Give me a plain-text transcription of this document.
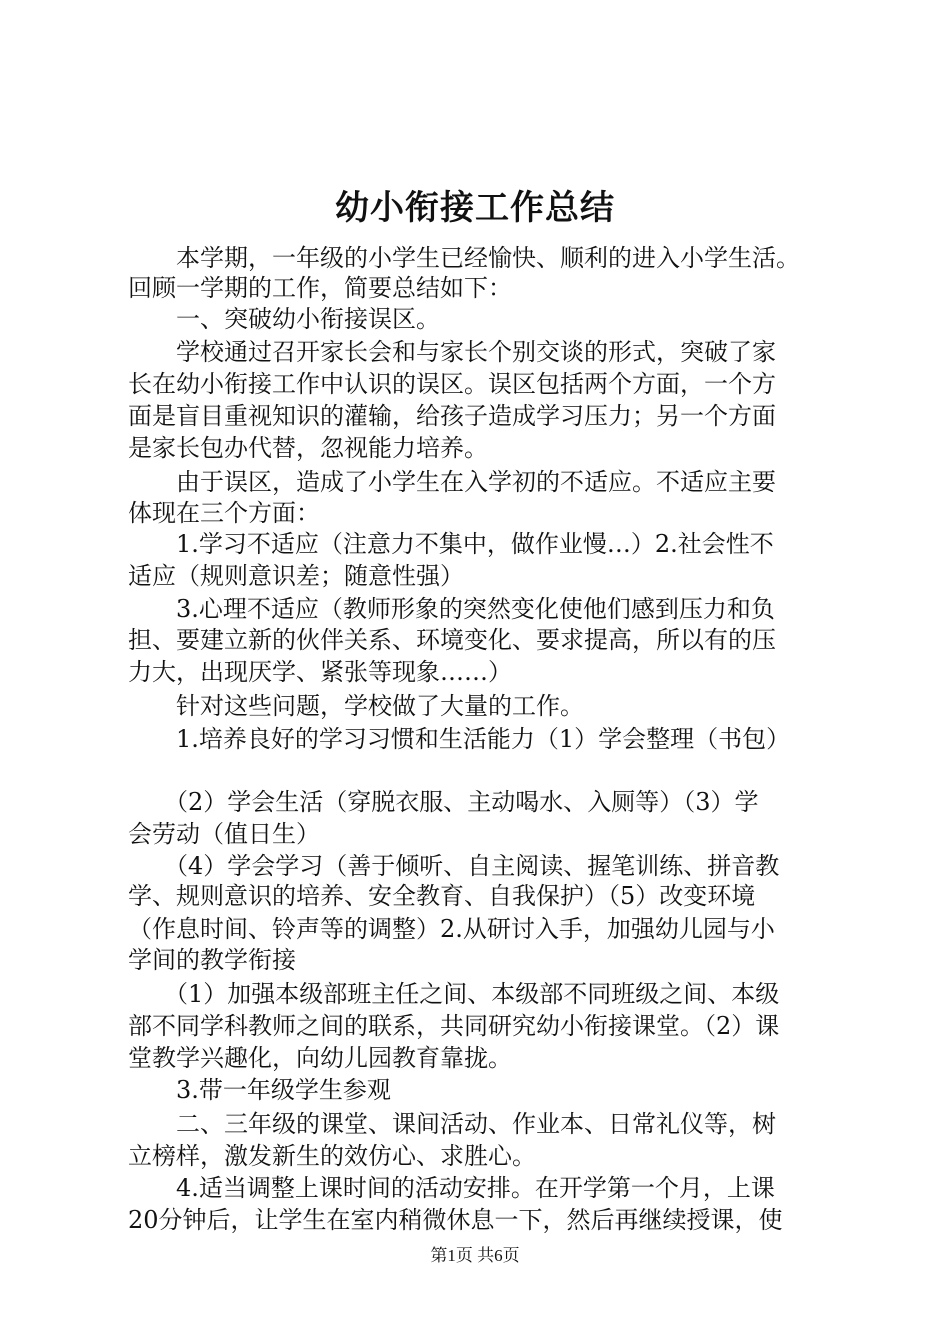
幼小衔接工作总结
　　本学期，一年级的小学生已经愉快、顺利的进入小学生活。
回顾一学期的工作，简要总结如下：
　　一、突破幼小衔接误区。
　　学校通过召开家长会和与家长个别交谈的形式，突破了家
长在幼小衔接工作中认识的误区。误区包括两个方面，一个方
面是盲目重视知识的灌输，给孩子造成学习压力；另一个方面
是家长包办代替，忽视能力培养。
　　由于误区，造成了小学生在入学初的不适应。不适应主要
体现在三个方面：
　　1.学习不适应（注意力不集中，做作业慢…）2.社会性不
适应（规则意识差；随意性强）
　　3.心理不适应（教师形象的突然变化使他们感到压力和负
担、要建立新的伙伴关系、环境变化、要求提高，所以有的压
力大，出现厌学、紧张等现象……）
　　针对这些问题，学校做了大量的工作。
　　1.培养良好的学习习惯和生活能力（1）学会整理（书包）
　　（2）学会生活（穿脱衣服、主动喝水、入厕等）（3）学
会劳动（值日生）
　　（4）学会学习（善于倾听、自主阅读、握笔训练、拼音教
学、规则意识的培养、安全教育、自我保护）（5）改变环境
（作息时间、铃声等的调整）2.从研讨入手，加强幼儿园与小
学间的教学衔接
　　（1）加强本级部班主任之间、本级部不同班级之间、本级
部不同学科教师之间的联系，共同研究幼小衔接课堂。（2）课
堂教学兴趣化，向幼儿园教育靠拢。
　　3.带一年级学生参观
　　二、三年级的课堂、课间活动、作业本、日常礼仪等，树
立榜样，激发新生的效仿心、求胜心。
　　4.适当调整上课时间的活动安排。在开学第一个月，上课
20分钟后，让学生在室内稍微休息一下，然后再继续授课，使
第1页 共6页
